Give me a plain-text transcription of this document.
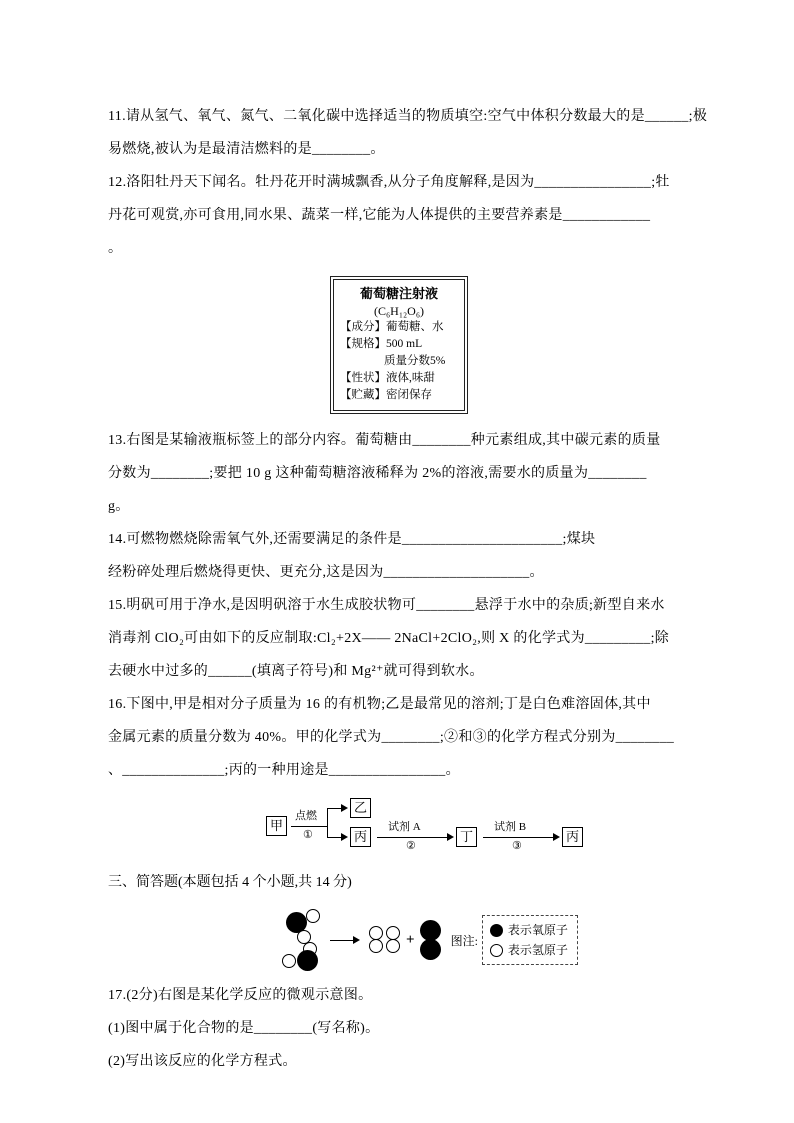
11.请从氢气、氧气、氮气、二氧化碳中选择适当的物质填空:空气中体积分数最大的是______;极
易燃烧,被认为是最清洁燃料的是________。
12.洛阳牡丹天下闻名。牡丹花开时满城飘香,从分子角度解释,是因为________________;牡
丹花可观赏,亦可食用,同水果、蔬菜一样,它能为人体提供的主要营养素是____________
。
葡萄糖注射液
(C₆H₁₂O₆)
【成分】葡萄糖、水
【规格】500 mL
质量分数5%
【性状】液体,味甜
【贮藏】密闭保存
13.右图是某输液瓶标签上的部分内容。葡萄糖由________种元素组成,其中碳元素的质量
分数为________;要把 10 g 这种葡萄糖溶液稀释为 2%的溶液,需要水的质量为________
g。
14.可燃物燃烧除需氧气外,还需要满足的条件是______________________;煤块
经粉碎处理后燃烧得更快、更充分,这是因为____________________。
15.明矾可用于净水,是因明矾溶于水生成胶状物可________悬浮于水中的杂质;新型自来水
消毒剂 ClO₂可由如下的反应制取:Cl₂+2X—— 2NaCl+2ClO₂,则 X 的化学式为_________;除
去硬水中过多的______(填离子符号)和 Mg²⁺就可得到软水。
16.下图中,甲是相对分子质量为 16 的有机物;乙是最常见的溶剂;丁是白色难溶固体,其中
金属元素的质量分数为 40%。甲的化学式为________;②和③的化学方程式分别为________
、______________;丙的一种用途是________________。
甲
点燃
①
乙
丙
试剂 A
②
丁
试剂 B
③
丙
三、简答题(本题包括 4 个小题,共 14 分)
+	图注:
表示氧原子
表示氢原子
17.(2分)右图是某化学反应的微观示意图。
(1)图中属于化合物的是________(写名称)。
(2)写出该反应的化学方程式。
